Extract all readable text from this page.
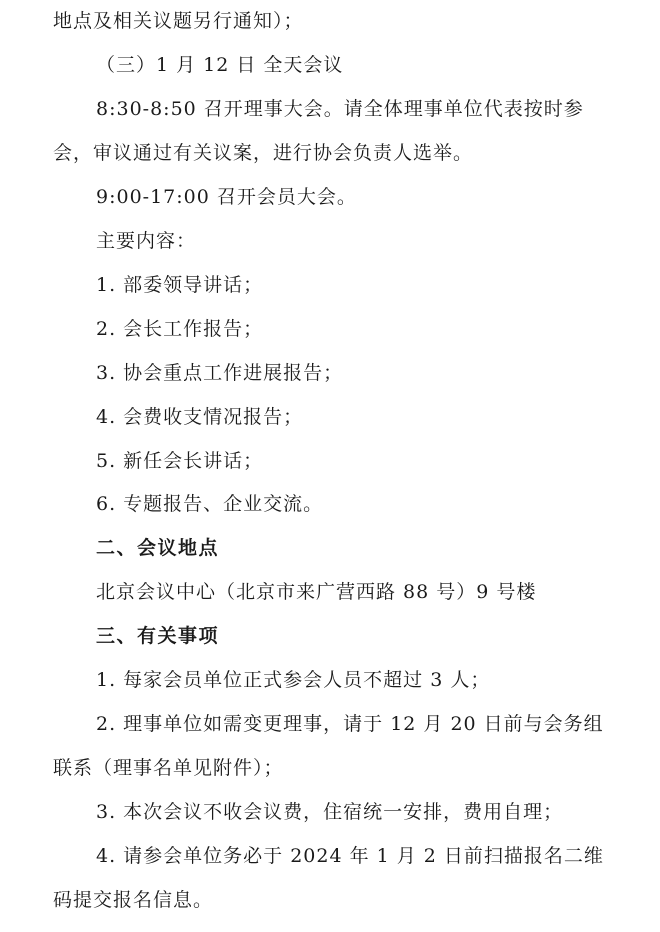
地点及相关议题另行通知）；
（三）1 月 12 日 全天会议
8:30-8:50 召开理事大会。请全体理事单位代表按时参
会，审议通过有关议案，进行协会负责人选举。
9:00-17:00 召开会员大会。
主要内容：
1. 部委领导讲话；
2. 会长工作报告；
3. 协会重点工作进展报告；
4. 会费收支情况报告；
5. 新任会长讲话；
6. 专题报告、企业交流。
二、会议地点
北京会议中心（北京市来广营西路 88 号）9 号楼
三、有关事项
1. 每家会员单位正式参会人员不超过 3 人；
2. 理事单位如需变更理事，请于 12 月 20 日前与会务组
联系（理事名单见附件）；
3. 本次会议不收会议费，住宿统一安排，费用自理；
4. 请参会单位务必于 2024 年 1 月 2 日前扫描报名二维
码提交报名信息。
